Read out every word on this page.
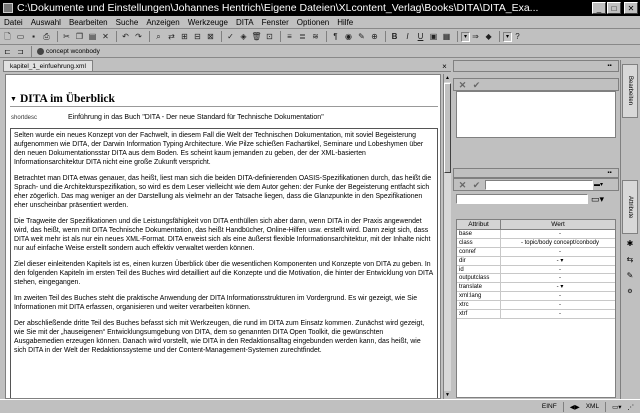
C:\Dokumente und Einstellungen\Johannes Hentrich\Eigene Dateien\XLcontent_Verlag\Books\DITA\DITA_Exa...	_	□	✕
Datei Auswahl Bearbeiten Suche Anzeigen Werkzeuge DITA Fenster Optionen Hilfe
🗋 ▭ ▪	⎙ ✂ ❐ ▤ ✕ ↶ ↷	⌕ ⇄ ⊞ ⊟ ⊠ ✓ ◈ 🗑 ⊡	≡ ≣ ≋	¶ ◉ ✎ ⊕	B	I	U ▣ ▦	▾ ⇒ ◆	▾ ?
⊏ ⊐	concept wconbody
kapitel_1_einfuehrung.xml	×
▼ DITA im Überblick
shortdesc	Einführung in das Buch "DITA - Der neue Standard für Technische Dokumentation"

Selten wurde ein neues Konzept von der Fachwelt, in diesem Fall die Welt der Technischen Dokumentation, mit soviel Begeisterung aufgenommen wie DITA, der Darwin Information Typing Architecture. Wie Pilze schießen Fachartikel, Seminare und Lobeshymen über den neuen Dokumentationsstar DITA aus dem Boden. Es scheint kaum jemanden zu geben, der der XML-basierten Informationsarchitektur DITA nicht eine große Zukunft verspricht.

Betrachtet man DITA etwas genauer, das heißt, liest man sich die beiden DITA-definierenden OASIS-Spezifikationen durch, das heißt die Sprach- und die Architekturspezifikation, so wird es dem Leser vielleicht wie dem Autor gehen: der Funke der Begeisterung entfacht sich eher zögerlich. Das mag weniger an der Darstellung als vielmehr an der Tatsache liegen, dass die Glanzpunkte in den Spezifikationen eher unscheinbar präsentiert werden.

Die Tragweite der Spezifikationen und die Leistungsfähigkeit von DITA enthüllen sich aber dann, wenn DITA in der Praxis angewendet wird, das heißt, wenn mit DITA Technische Dokumentation, das heißt Handbücher, Online-Hilfen usw. erstellt wird. Dann zeigt sich, dass DITA weit mehr ist als nur ein neues XML-Format. DITA erweist sich als eine äußerst flexible Informationsarchitektur, mit der Inhalte nicht nur auf einfache Weise erstellt sondern auch effektiv verwaltet werden können.

Ziel dieser einleitenden Kapitels ist es, einen kurzen Überblick über die wesentlichen Komponenten und Konzepte von DITA zu geben. In den folgenden Kapiteln im ersten Teil des Buches wird detailliert auf die Konzepte und die Motivation, die hinter der Entwicklung von DITA stehen, eingegangen.

Im zweiten Teil des Buches steht die praktische Anwendung der DITA Informationsstrukturen im Vordergrund. Es wir gezeigt, wie Sie Informationen mit DITA erfassen, organisieren und weiter verarbeiten können.

Der abschließende dritte Teil des Buches befasst sich mit Werkzeugen, die rund im DITA zum Einsatz kommen. Zunächst wird gezeigt, wie Sie mit der „hauseigenen“ Entwicklungsumgebung von DITA, dem so genannten DITA Open Toolkit, die gewünschten Ausgabemedien erzeugen können. Danach wird vorstellt, wie DITA in den Redaktionsalltag eingebunden werden kann, das heißt, wie sich DITA in der Welt der Redaktionssysteme und der Content-Management-Systemen zurechtfindet.

▲
▼
▪▪
✕ ✔
▪▪
✕ ✔	▬▾
▭▾
Attribut	Wert
base	-
class	- topic/body concept/conbody
conref	-
dir	- ▾
id	-
outputclass	-
translate	- ▾
xml:lang	-
xtrc	-
xtrf	-
Bearbeiten
Attribute
✱
⇆
✎
⚙
EINF ◀▶ XML ▭▾ ⋰
